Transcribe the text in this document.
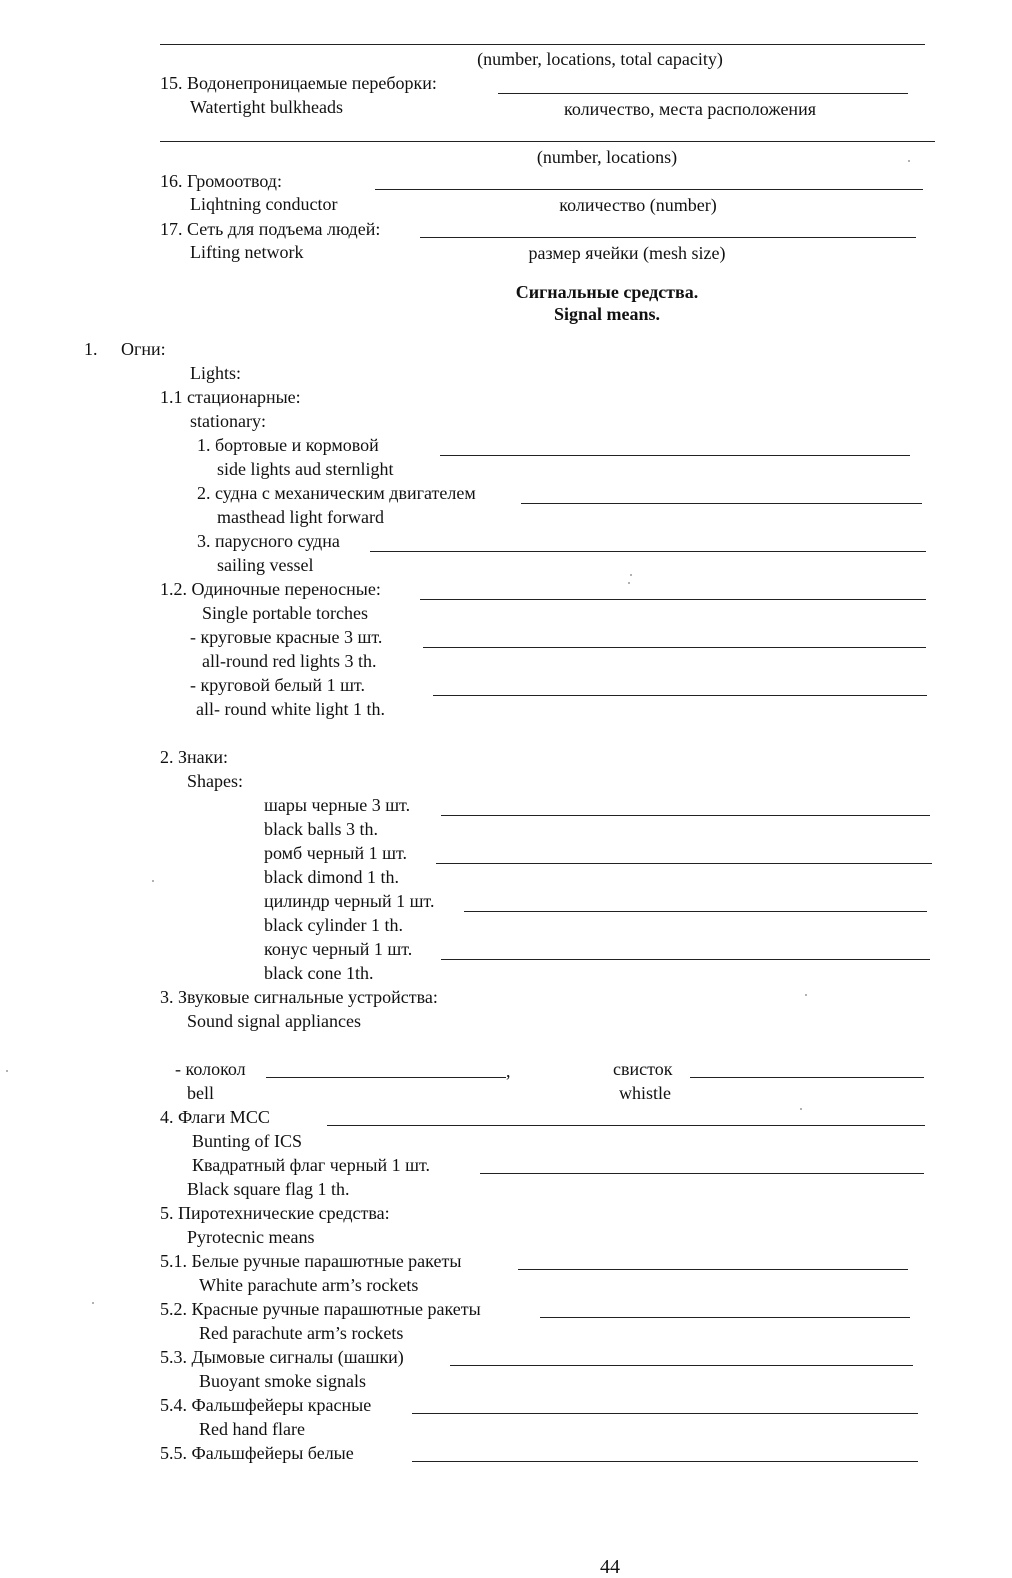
(number, locations, total capacity)
15. Водонепроницаемые переборки:
Watertight bulkheads	количество, места расположения
(number, locations)
16. Громоотвод:
Liqhtning conductor	количество (number)
17. Сеть для подъема людей:
Lifting network	размер ячейки (mesh size)
Сигнальные средства.
Signal means.
1. Огни:
Lights:
1.1 стационарные:
stationary:
1. бортовые и кормовой
side lights aud sternlight
2. судна с механическим двигателем
masthead light forward
3. парусного судна
sailing vessel
1.2. Одиночные переносные:
Single portable torches
- круговые красные 3 шт.
all-round red lights 3 th.
- круговой белый 1 шт.
all- round white light 1 th.
2. Знаки:
Shapes:
шары черные 3 шт.
black balls 3 th.
ромб черный 1 шт.
black dimond 1 th.
цилиндр черный 1 шт.
black cylinder 1 th.
конус черный 1 шт.
black cone 1th.
3. Звуковые сигнальные устройства:
Sound signal appliances
- колокол	,	свисток
bell	whistle
4. Флаги МСС
Bunting of ICS
Квадратный флаг черный 1 шт.
Black square flag 1 th.
5. Пиротехнические средства:
Pyrotecnic means
5.1. Белые ручные парашютные ракеты
White parachute arm’s rockets
5.2. Красные ручные парашютные ракеты
Red parachute arm’s rockets
5.3. Дымовые сигналы (шашки)
Buoyant smoke signals
5.4. Фальшфейеры красные
Red hand flare
5.5. Фальшфейеры белые
44
